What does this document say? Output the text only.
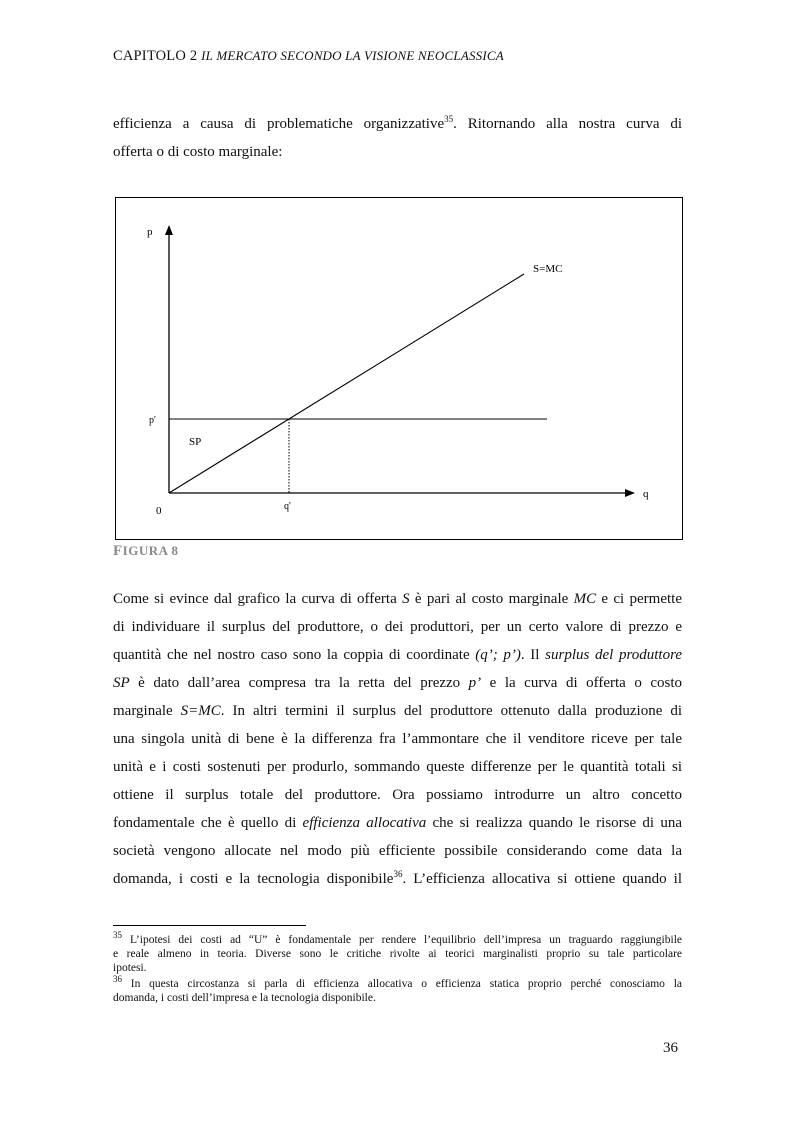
CAPITOLO 2 IL MERCATO SECONDO LA VISIONE NEOCLASSICA
efficienza a causa di problematiche organizzative$^{35}$. Ritornando alla nostra curva di
offerta o di costo marginale:
p
q
0
p'
q'
S=MC
SP
FIGURA 8
Come si evince dal grafico la curva di offerta S è pari al costo marginale MC e ci permette
di individuare il surplus del produttore, o dei produttori, per un certo valore di prezzo e
quantità che nel nostro caso sono la coppia di coordinate (q’; p’). Il surplus del produttore
SP è dato dall’area compresa tra la retta del prezzo p’ e la curva di offerta o costo
marginale S=MC. In altri termini il surplus del produttore ottenuto dalla produzione di
una singola unità di bene è la differenza fra l’ammontare che il venditore riceve per tale
unità e i costi sostenuti per produrlo, sommando queste differenze per le quantità totali si
ottiene il surplus totale del produttore. Ora possiamo introdurre un altro concetto
fondamentale che è quello di efficienza allocativa che si realizza quando le risorse di una
società vengono allocate nel modo più efficiente possibile considerando come data la
domanda, i costi e la tecnologia disponibile$^{36}$. L’efficienza allocativa si ottiene quando il
$^{35}$ L’ipotesi dei costi ad “U” è fondamentale per rendere l’equilibrio dell’impresa un traguardo raggiungibile
e reale almeno in teoria. Diverse sono le critiche rivolte ai teorici marginalisti proprio su tale particolare
ipotesi.
$^{36}$ In questa circostanza si parla di efficienza allocativa o efficienza statica proprio perché conosciamo la
domanda, i costi dell’impresa e la tecnologia disponibile.
36
